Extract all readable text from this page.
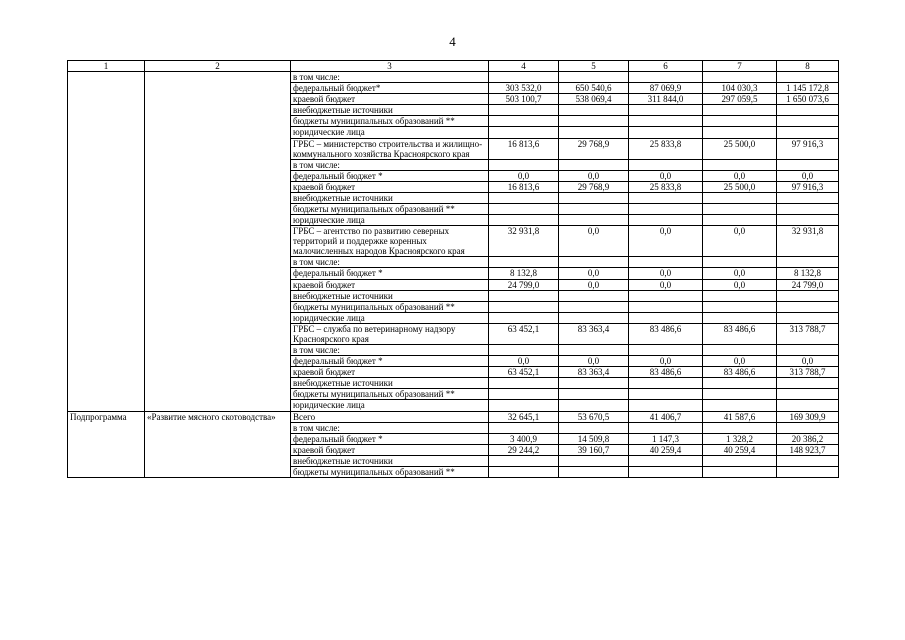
4
1	2	3	4	5	6	7	8
		в том числе:					
		федеральный бюджет*	303 532,0	650 540,6	87 069,9	104 030,3	1 145 172,8
		краевой бюджет	503 100,7	538 069,4	311 844,0	297 059,5	1 650 073,6
		внебюджетные источники					
		бюджеты муниципальных образований **					
		юридические лица					
		ГРБС – министерство строительства и жилищно-коммунального хозяйства Красноярского края	16 813,6	29 768,9	25 833,8	25 500,0	97 916,3
		в том числе:					
		федеральный бюджет *	0,0	0,0	0,0	0,0	0,0
		краевой бюджет	16 813,6	29 768,9	25 833,8	25 500,0	97 916,3
		внебюджетные источники					
		бюджеты муниципальных образований **					
		юридические лица					
		ГРБС – агентство по развитию северных территорий и поддержке коренных малочисленных народов Красноярского края	32 931,8	0,0	0,0	0,0	32 931,8
		в том числе:					
		федеральный бюджет *	8 132,8	0,0	0,0	0,0	8 132,8
		краевой бюджет	24 799,0	0,0	0,0	0,0	24 799,0
		внебюджетные источники					
		бюджеты муниципальных образований **					
		юридические лица					
		ГРБС – служба по ветеринарному надзору Красноярского края	63 452,1	83 363,4	83 486,6	83 486,6	313 788,7
		в том числе:					
		федеральный бюджет *	0,0	0,0	0,0	0,0	0,0
		краевой бюджет	63 452,1	83 363,4	83 486,6	83 486,6	313 788,7
		внебюджетные источники					
		бюджеты муниципальных образований **					
		юридические лица					
Подпрограмма	«Развитие мясного скотоводства»	Всего	32 645,1	53 670,5	41 406,7	41 587,6	169 309,9
		в том числе:					
		федеральный бюджет *	3 400,9	14 509,8	1 147,3	1 328,2	20 386,2
		краевой бюджет	29 244,2	39 160,7	40 259,4	40 259,4	148 923,7
		внебюджетные источники					
		бюджеты муниципальных образований **					
